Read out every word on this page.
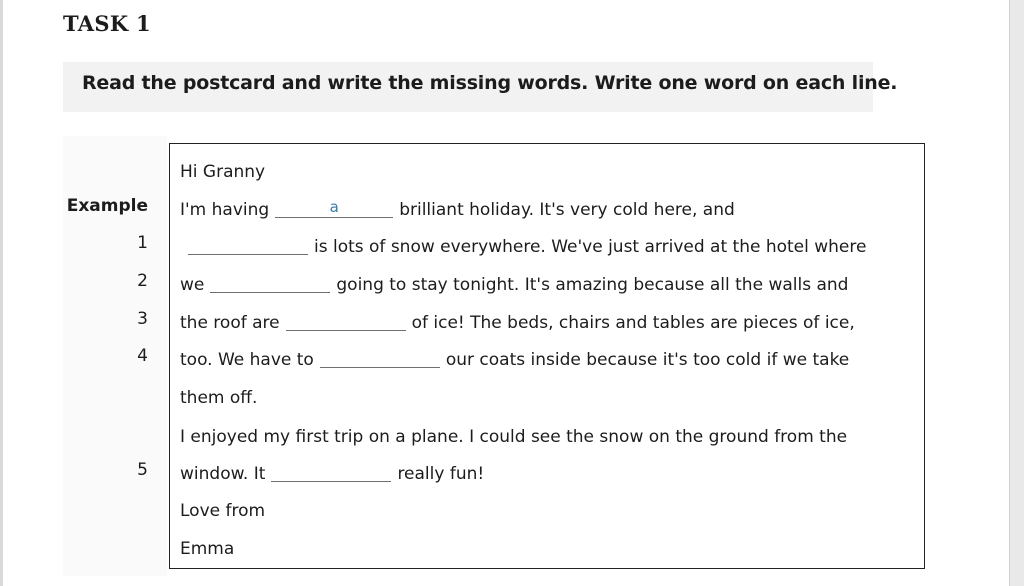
TASK 1
Read the postcard and write the missing words. Write one word on each line.
Hi Granny
Example I'm having	a	brilliant holiday. It's very cold here, and
1	is lots of snow everywhere. We've just arrived at the hotel where
2 we	going to stay tonight. It's amazing because all the walls and
3 the roof are	of ice! The beds, chairs and tables are pieces of ice,
4 too. We have to	our coats inside because it's too cold if we take
them off.
I enjoyed my first trip on a plane. I could see the snow on the ground from the
5 window. It	really fun!
Love from
Emma
